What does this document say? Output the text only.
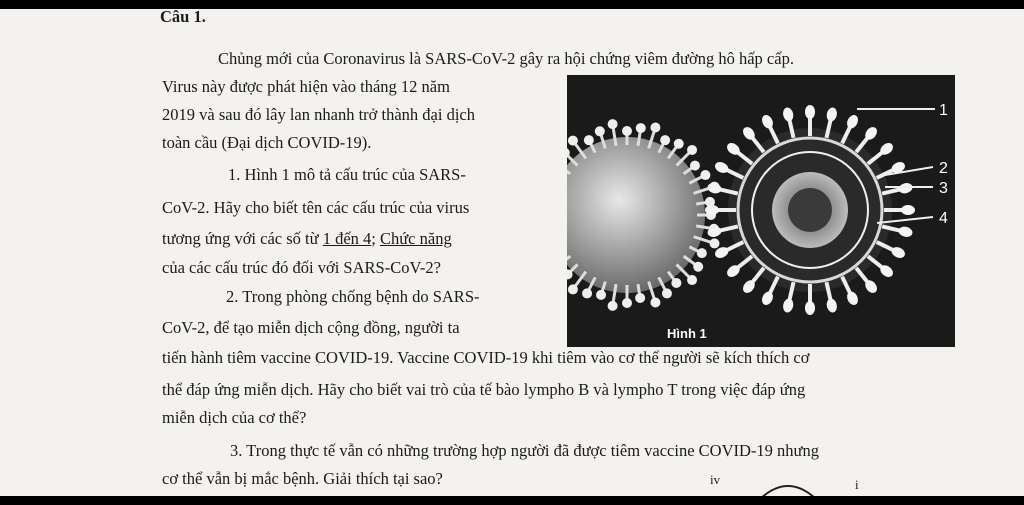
Câu 1.
Chủng mới của Coronavirus là SARS-CoV-2 gây ra hội chứng viêm đường hô hấp cấp.
Virus này được phát hiện vào tháng 12 năm
2019 và sau đó lây lan nhanh trở thành đại dịch
toàn cầu (Đại dịch COVID-19).
1. Hình 1 mô tả cấu trúc của SARS-
CoV-2. Hãy cho biết tên các cấu trúc của virus
tương ứng với các số từ 1 đến 4; Chức năng
của các cấu trúc đó đối với SARS-CoV-2?
2. Trong phòng chống bệnh do SARS-
CoV-2, để tạo miễn dịch cộng đồng, người ta
tiến hành tiêm vaccine COVID-19. Vaccine COVID-19 khi tiêm vào cơ thể người sẽ kích thích cơ
thể đáp ứng miễn dịch. Hãy cho biết vai trò của tế bào lympho B và lympho T trong việc đáp ứng
miễn dịch của cơ thể?
3. Trong thực tế vẫn có những trường hợp người đã được tiêm vaccine COVID-19 nhưng
cơ thể vẫn bị mắc bệnh. Giải thích tại sao?
1
2
3
4
Hình 1
iv	i
